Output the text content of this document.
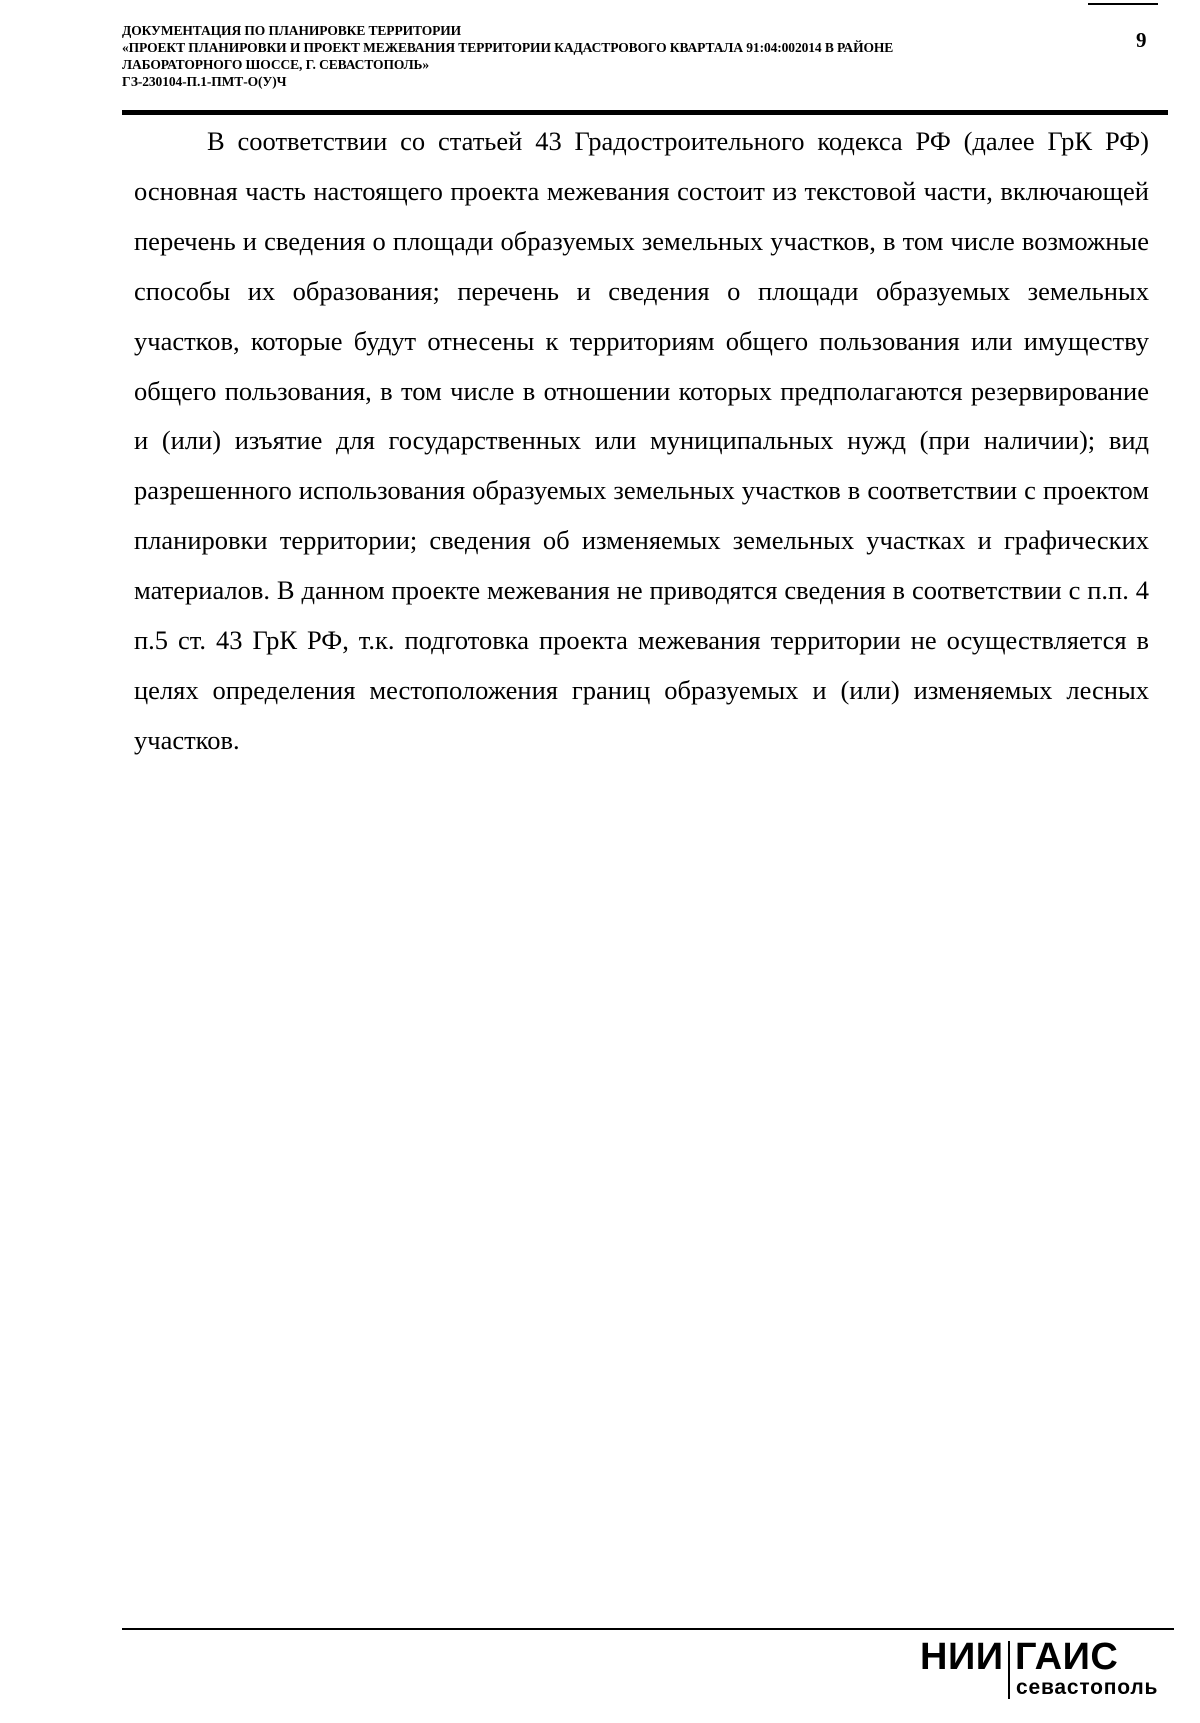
ДОКУМЕНТАЦИЯ ПО ПЛАНИРОВКЕ ТЕРРИТОРИИ
«ПРОЕКТ ПЛАНИРОВКИ И ПРОЕКТ МЕЖЕВАНИЯ ТЕРРИТОРИИ КАДАСТРОВОГО КВАРТАЛА 91:04:002014 В РАЙОНЕ
ЛАБОРАТОРНОГО ШОССЕ, Г. СЕВАСТОПОЛЬ»
ГЗ-230104-П.1-ПМТ-О(У)Ч
9

В соответствии со статьей 43 Градостроительного кодекса РФ (далее ГрК РФ) основная часть настоящего проекта межевания состоит из текстовой части, включающей перечень и сведения о площади образуемых земельных участков, в том числе возможные способы их образования; перечень и сведения о площади образуемых земельных участков, которые будут отнесены к территориям общего пользования или имуществу общего пользования, в том числе в отношении которых предполагаются резервирование и (или) изъятие для государственных или муниципальных нужд (при наличии); вид разрешенного использования образуемых земельных участков в соответствии с проектом планировки территории; сведения об изменяемых земельных участках и графических материалов. В данном проекте межевания не приводятся сведения в соответствии с п.п. 4 п.5 ст. 43 ГрК РФ, т.к. подготовка проекта межевания территории не осуществляется в целях определения местоположения границ образуемых и (или) изменяемых лесных участков.

НИИ ГАИС
севастополь
